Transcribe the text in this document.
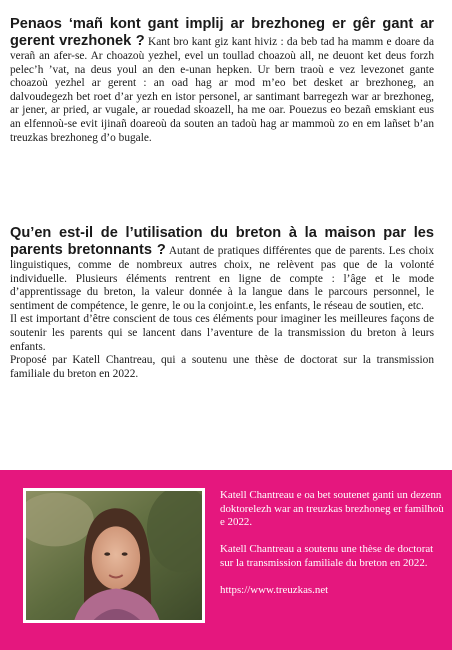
Penaos ‘mañ kont gant implij ar brezhoneg er gêr gant ar gerent vrezhonek ? Kant bro kant giz kant hiviz : da beb tad ha mamm e doare da verañ an afer-se. Ar choazoù yezhel, evel un toullad choazoù all, ne deuont ket deus forzh pelec’h ’vat, na deus youl an den e-unan hepken. Ur bern traoù e vez levezonet gante choazoù yezhel ar gerent : an oad hag ar mod m’eo bet desket ar brezhoneg, an dalvoudegezh bet roet d’ar yezh en istor personel, ar santimant barregezh war ar brezhoneg, ar jener, ar pried, ar vugale, ar rouedad skoazell, ha me oar. Pouezus eo bezañ emskiant eus an elfennoù-se evit ijinañ doareoù da souten an tadoù hag ar mammoù zo en em lañset b’an treuzkas brezhoneg d’o bugale.
Qu’en est-il de l’utilisation du breton à la maison par les parents bretonnants ? Autant de pratiques différentes que de parents. Les choix linguistiques, comme de nombreux autres choix, ne relèvent pas que de la volonté individuelle. Plusieurs éléments rentrent en ligne de compte : l’âge et le mode d’apprentissage du breton, la valeur donnée à la langue dans le parcours personnel, le sentiment de compétence, le genre, le ou la conjoint.e, les enfants, le réseau de soutien, etc.
Il est important d’être conscient de tous ces éléments pour imaginer les meilleures façons de soutenir les parents qui se lancent dans l’aventure de la transmission du breton à leurs enfants.
Proposé par Katell Chantreau, qui a soutenu une thèse de doctorat sur la transmission familiale du breton en 2022.

Katell Chantreau e oa bet soutenet ganti un dezenn doktorelezh war an treuzkas brezhoneg er familhoù e 2022.

Katell Chantreau a soutenu une thèse de doctorat sur la transmission familiale du breton en 2022.

https://www.treuzkas.net
